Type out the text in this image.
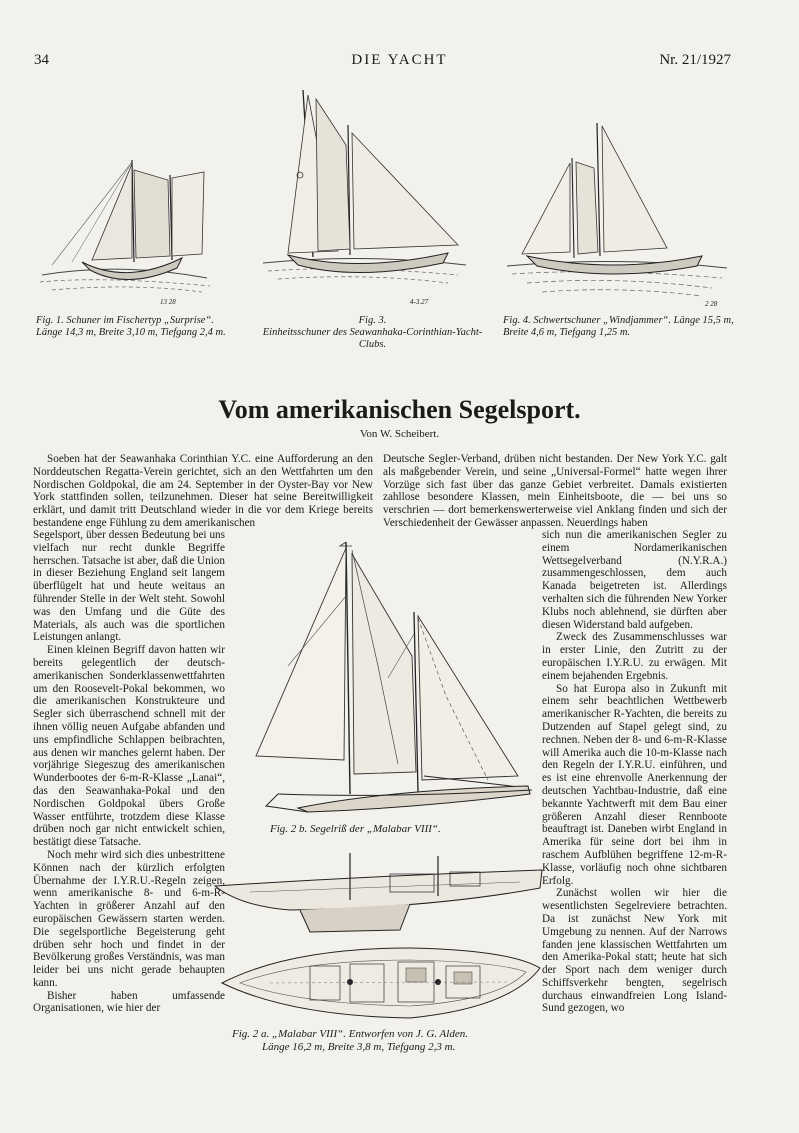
34	DIE YACHT	Nr. 21/1927
13 28

Fig. 1. Schuner im Fischertyp „Surprise“. Länge 14,3 m, Breite 3,10 m, Tiefgang 2,4 m.

4-3.27

Fig. 3.

Einheitsschuner des Seawanhaka-Corinthian-Yacht-Clubs.

2 28

Fig. 4. Schwertschuner „Windjammer“. Länge 15,5 m, Breite 4,6 m, Tiefgang 1,25 m.

Vom amerikanischen Segelsport.
Von W. Scheibert.

Soeben hat der Seawanhaka Corinthian Y.C. eine Aufforderung an den Norddeutschen Regatta-Verein gerichtet, sich an den Wettfahrten um den Nordischen Goldpokal, die am 24. September in der Oyster-Bay vor New York stattfinden sollen, teilzunehmen. Dieser hat seine Bereitwilligkeit erklärt, und damit tritt Deutschland wieder in die vor dem Kriege bereits bestandene enge Fühlung zu dem amerikanischen

Segelsport, über dessen Bedeutung bei uns vielfach nur recht dunkle Begriffe herrschen. Tatsache ist aber, daß die Union in dieser Beziehung England seit langem überflügelt hat und heute weitaus an führender Stelle in der Welt steht. Sowohl was den Umfang und die Güte des Materials, als auch was die sportlichen Leistungen anlangt.

Einen kleinen Begriff davon hatten wir bereits gelegentlich der deutsch-amerikanischen Sonderklassenwettfahrten um den Roosevelt-Pokal bekommen, wo die amerikanischen Konstrukteure und Segler sich überraschend schnell mit der ihnen völlig neuen Aufgabe abfanden und uns empfindliche Schlappen beibrachten, aus denen wir manches gelernt haben. Der vorjährige Siegeszug des amerikanischen Wunderbootes der 6-m-R-Klasse „Lanai“, das den Seawanhaka-Pokal und den Nordischen Goldpokal übers Große Wasser entführte, trotzdem diese Klasse drüben noch gar nicht entwickelt schien, bestätigt diese Tatsache.

Noch mehr wird sich dies unbestrittene Können nach der kürzlich erfolgten Übernahme der I.Y.R.U.-Regeln zeigen, wenn amerikanische 8- und 6-m-R-Yachten in größerer Anzahl auf den europäischen Gewässern starten werden. Die segelsportliche Begeisterung geht drüben sehr hoch und findet in der Bevölkerung großes Verständnis, was man leider bei uns nicht gerade behaupten kann.

Bisher haben umfassende Organisationen, wie hier der

Deutsche Segler-Verband, drüben nicht bestanden. Der New York Y.C. galt als maßgebender Verein, und seine „Universal-Formel“ hatte wegen ihrer Vorzüge sich fast über das ganze Gebiet verbreitet. Damals existierten zahllose besondere Klassen, mein Einheitsboote, die — bei uns so verschrien — dort bemerkenswerterweise viel Anklang finden und sich der Verschiedenheit der Gewässer anpassen. Neuerdings haben

sich nun die amerikanischen Segler zu einem Nordamerikanischen Wettsegelverband (N.Y.R.A.) zusammengeschlossen, dem auch Kanada beigetreten ist. Allerdings verhalten sich die führenden New Yorker Klubs noch ablehnend, sie dürften aber diesen Widerstand bald aufgeben.

Zweck des Zusammenschlusses war in erster Linie, den Zutritt zu der europäischen I.Y.R.U. zu erwägen. Mit einem bejahenden Ergebnis.

So hat Europa also in Zukunft mit einem sehr beachtlichen Wettbewerb amerikanischer R-Yachten, die bereits zu Dutzenden auf Stapel gelegt sind, zu rechnen. Neben der 8- und 6-m-R-Klasse will Amerika auch die 10-m-Klasse nach den Regeln der I.Y.R.U. einführen, und es ist eine ehrenvolle Anerkennung der deutschen Yachtbau-Industrie, daß eine bekannte Yachtwerft mit dem Bau einer größeren Anzahl dieser Rennboote beauftragt ist. Daneben wirbt England in Amerika für seine dort bei ihm in raschem Aufblühen begriffene 12-m-R-Klasse, vorläufig noch ohne sichtbaren Erfolg.

Zunächst wollen wir hier die wesentlichsten Segelreviere betrachten. Da ist zunächst New York mit Umgebung zu nennen. Auf der Narrows fanden jene klassischen Wettfahrten um den Amerika-Pokal statt; heute hat sich der Sport nach dem weniger durch Schiffsverkehr bengten, segelrisch durchaus einwandfreien Long Island-Sund gezogen, wo

Fig. 2 b. Segelriß der „Malabar VIII“.

Fig. 2 a. „Malabar VIII“. Entworfen von J. G. Alden.

Länge 16,2 m, Breite 3,8 m, Tiefgang 2,3 m.
